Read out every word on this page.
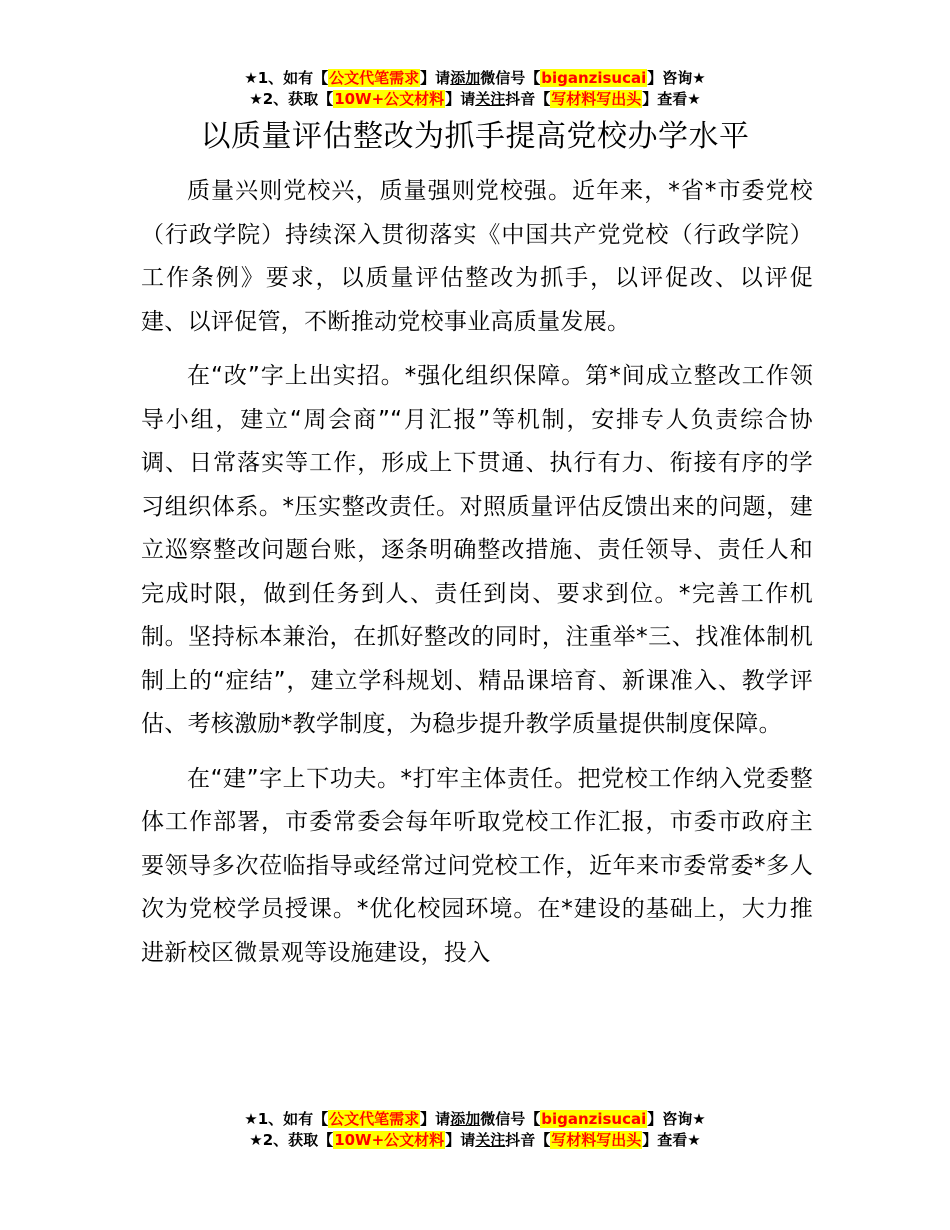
★1、如有【公文代笔需求】请添加微信号【biganzisucai】咨询★
★2、获取【10W+公文材料】请关注抖音【写材料写出头】查看★
以质量评估整改为抓手提高党校办学水平

质量兴则党校兴，质量强则党校强。近年来，*省*市委党校（行政学院）持续深入贯彻落实《中国共产党党校（行政学院）工作条例》要求，以质量评估整改为抓手，以评促改、以评促建、以评促管，不断推动党校事业高质量发展。

在“改”字上出实招。*强化组织保障。第*间成立整改工作领导小组，建立“周会商”“月汇报”等机制，安排专人负责综合协调、日常落实等工作，形成上下贯通、执行有力、衔接有序的学习组织体系。*压实整改责任。对照质量评估反馈出来的问题，建立巡察整改问题台账，逐条明确整改措施、责任领导、责任人和完成时限，做到任务到人、责任到岗、要求到位。*完善工作机制。坚持标本兼治，在抓好整改的同时，注重举*三、找准体制机制上的“症结”，建立学科规划、精品课培育、新课准入、教学评估、考核激励*教学制度，为稳步提升教学质量提供制度保障。

在“建”字上下功夫。*打牢主体责任。把党校工作纳入党委整体工作部署，市委常委会每年听取党校工作汇报，市委市政府主要领导多次莅临指导或经常过问党校工作，近年来市委常委*多人次为党校学员授课。*优化校园环境。在*建设的基础上，大力推进新校区微景观等设施建设，投入

★1、如有【公文代笔需求】请添加微信号【biganzisucai】咨询★
★2、获取【10W+公文材料】请关注抖音【写材料写出头】查看★
